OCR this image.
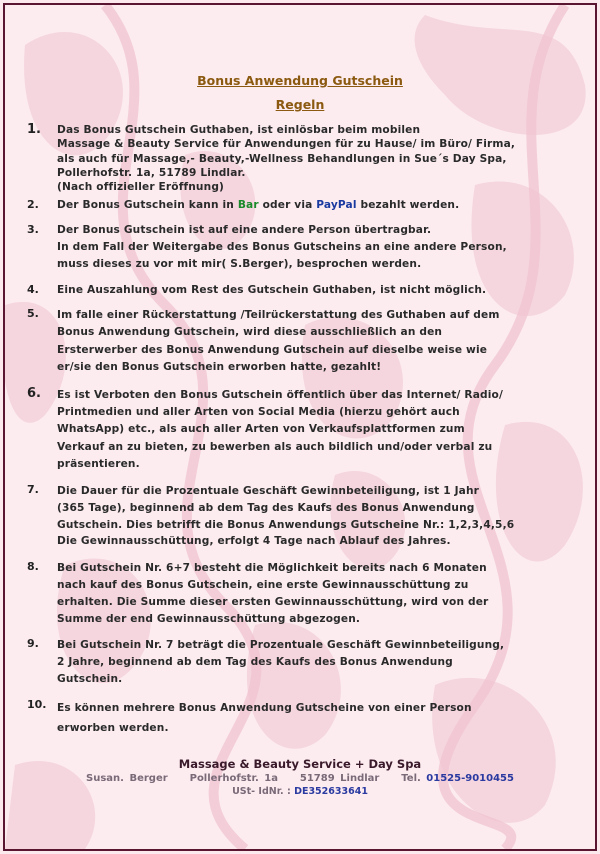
Bonus Anwendung Gutschein
Regeln
1. Das Bonus Gutschein Guthaben, ist einlösbar beim mobilen
Massage & Beauty Service für Anwendungen für zu Hause/ im Büro/ Firma,
als auch für Massage,- Beauty,-Wellness Behandlungen in Sue´s Day Spa,
Pollerhofstr. 1a, 51789 Lindlar.
(Nach offizieller Eröffnung)
2. Der Bonus Gutschein kann in Bar oder via PayPal bezahlt werden.
3. Der Bonus Gutschein ist auf eine andere Person übertragbar.
In dem Fall der Weitergabe des Bonus Gutscheins an eine andere Person,
muss dieses zu vor mit mir( S.Berger), besprochen werden.
4. Eine Auszahlung vom Rest des Gutschein Guthaben, ist nicht möglich.
5. Im falle einer Rückerstattung /Teilrückerstattung des Guthaben auf dem
Bonus Anwendung Gutschein, wird diese ausschließlich an den
Ersterwerber des Bonus Anwendung Gutschein auf dieselbe weise wie
er/sie den Bonus Gutschein erworben hatte, gezahlt!
6. Es ist Verboten den Bonus Gutschein öffentlich über das Internet/ Radio/
Printmedien und aller Arten von Social Media (hierzu gehört auch
WhatsApp) etc., als auch aller Arten von Verkaufsplattformen zum
Verkauf an zu bieten, zu bewerben als auch bildlich und/oder verbal zu
präsentieren.
7. Die Dauer für die Prozentuale Geschäft Gewinnbeteiligung, ist 1 Jahr
(365 Tage), beginnend ab dem Tag des Kaufs des Bonus Anwendung
Gutschein. Dies betrifft die Bonus Anwendungs Gutscheine Nr.: 1,2,3,4,5,6
Die Gewinnausschüttung, erfolgt 4 Tage nach Ablauf des Jahres.
8. Bei Gutschein Nr. 6+7 besteht die Möglichkeit bereits nach 6 Monaten
nach kauf des Bonus Gutschein, eine erste Gewinnausschüttung zu
erhalten. Die Summe dieser ersten Gewinnausschüttung, wird von der
Summe der end Gewinnausschüttung abgezogen.
9. Bei Gutschein Nr. 7 beträgt die Prozentuale Geschäft Gewinnbeteiligung,
2 Jahre, beginnend ab dem Tag des Kaufs des Bonus Anwendung
Gutschein.
10. Es können mehrere Bonus Anwendung Gutscheine von einer Person
erworben werden.
Massage & Beauty Service + Day Spa
Susan. Berger Pollerhofstr. 1a 51789 Lindlar Tel. 01525-9010455
USt- IdNr. : DE352633641
